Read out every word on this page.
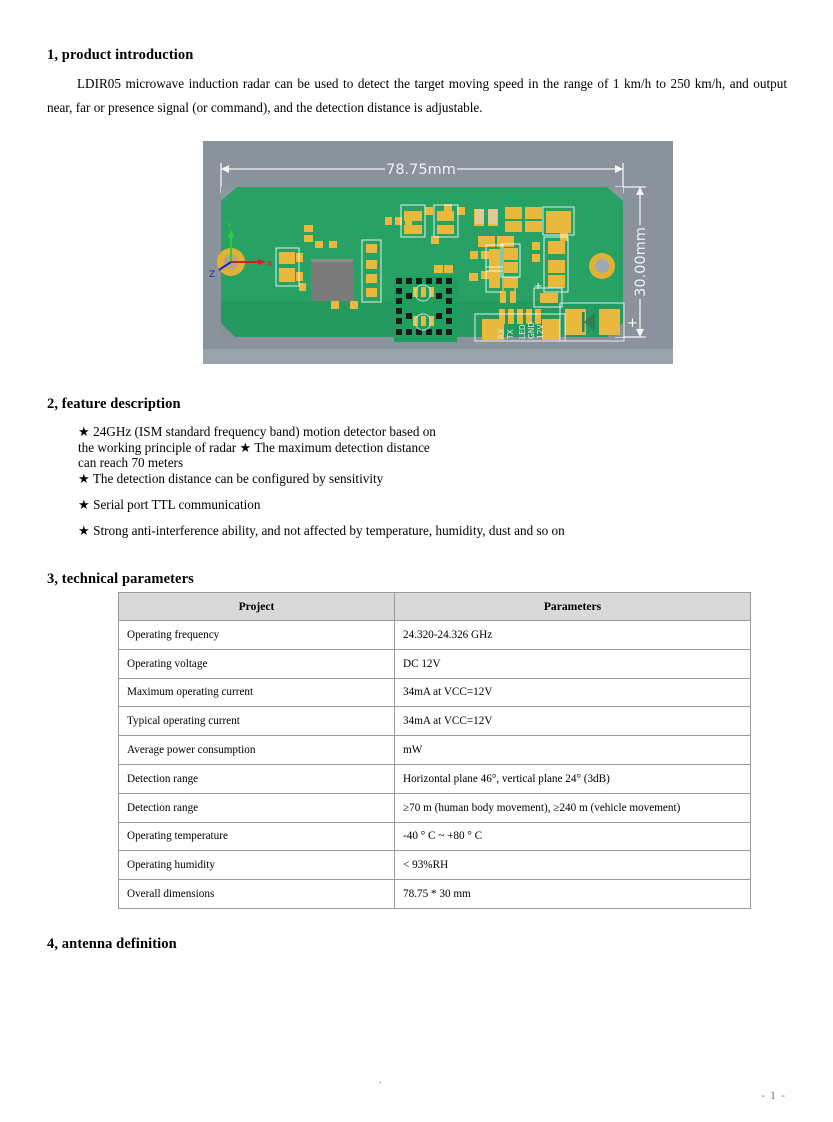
1, product introduction
LDIR05 microwave induction radar can be used to detect the target moving speed in the range of 1 km/h to 250 km/h, and output near, far or presence signal (or command), and the detection distance is adjustable.
78.75mm
30.00mm
Y
x
Z
+
+
RX TX LED GND 12V
2, feature description
★ 24GHz (ISM standard frequency band) motion detector based on
the working principle of radar ★ The maximum detection distance
can reach 70 meters
★ The detection distance can be configured by sensitivity
★ Serial port TTL communication
★ Strong anti-interference ability, and not affected by temperature, humidity, dust and so on
3, technical parameters
Project	Parameters
Operating frequency	24.320-24.326 GHz
Operating voltage	DC 12V
Maximum operating current	34mA at VCC=12V
Typical operating current	34mA at VCC=12V
Average power consumption	mW
Detection range	Horizontal plane 46°, vertical plane 24° (3dB)
Detection range	≥70 m (human body movement), ≥240 m (vehicle movement)
Operating temperature	-40 ° C ~ +80 ° C
Operating humidity	< 93%RH
Overall dimensions	78.75 * 30 mm
4, antenna definition
.
- 1 -
